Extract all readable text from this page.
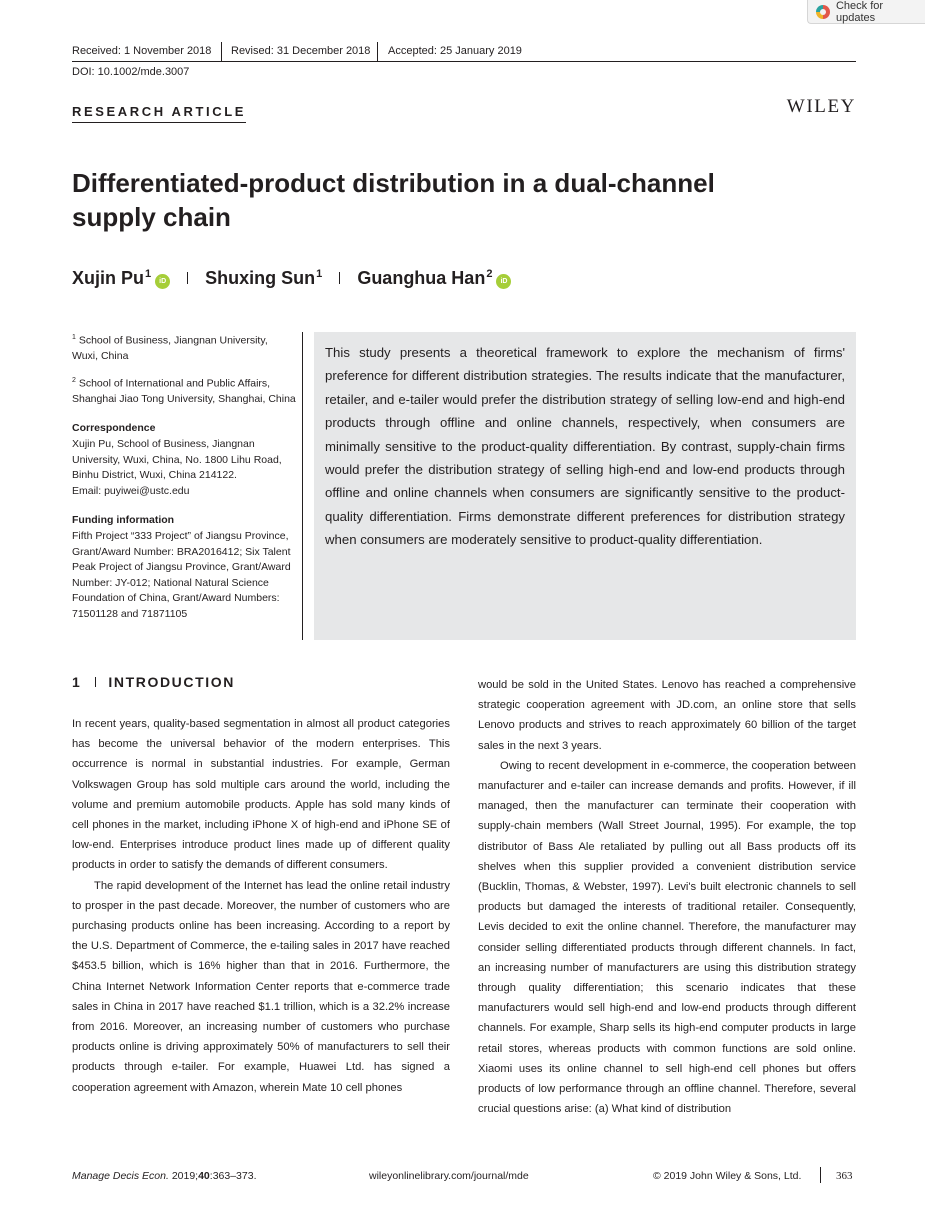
Check for updates
Received: 1 November 2018 Revised: 31 December 2018 Accepted: 25 January 2019
DOI: 10.1002/mde.3007
RESEARCH ARTICLE	WILEY
Differentiated-product distribution in a dual-channel supply chain
Xujin Pu$^1$iD Shuxing Sun$^1$ Guanghua Han$^2$iD

$^1$ School of Business, Jiangnan University, Wuxi, China

$^2$ School of International and Public Affairs, Shanghai Jiao Tong University, Shanghai, China

Correspondence

Xujin Pu, School of Business, Jiangnan University, Wuxi, China, No. 1800 Lihu Road, Binhu District, Wuxi, China 214122.

Email: puyiwei@ustc.edu

Funding information

Fifth Project “333 Project” of Jiangsu Province, Grant/Award Number: BRA2016412; Six Talent Peak Project of Jiangsu Province, Grant/Award Number: JY-012; National Natural Science Foundation of China, Grant/Award Numbers: 71501128 and 71871105

This study presents a theoretical framework to explore the mechanism of firms' preference for different distribution strategies. The results indicate that the manufacturer, retailer, and e-tailer would prefer the distribution strategy of selling low-end and high-end products through offline and online channels, respectively, when consumers are minimally sensitive to the product-quality differentiation. By contrast, supply-chain firms would prefer the distribution strategy of selling high-end and low-end products through offline and online channels when consumers are significantly sensitive to the product-quality differentiation. Firms demonstrate different preferences for distribution strategy when consumers are moderately sensitive to product-quality differentiation.

1 INTRODUCTION

In recent years, quality-based segmentation in almost all product categories has become the universal behavior of the modern enterprises. This occurrence is normal in substantial industries. For example, German Volkswagen Group has sold multiple cars around the world, including the volume and premium automobile products. Apple has sold many kinds of cell phones in the market, including iPhone X of high-end and iPhone SE of low-end. Enterprises introduce product lines made up of different quality products in order to satisfy the demands of different consumers.

The rapid development of the Internet has lead the online retail industry to prosper in the past decade. Moreover, the number of customers who are purchasing products online has been increasing. According to a report by the U.S. Department of Commerce, the e-tailing sales in 2017 have reached $453.5 billion, which is 16% higher than that in 2016. Furthermore, the China Internet Network Information Center reports that e-commerce trade sales in China in 2017 have reached $1.1 trillion, which is a 32.2% increase from 2016. Moreover, an increasing number of customers who purchase products online is driving approximately 50% of manufacturers to sell their products through e-tailer. For example, Huawei Ltd. has signed a cooperation agreement with Amazon, wherein Mate 10 cell phones

would be sold in the United States. Lenovo has reached a comprehensive strategic cooperation agreement with JD.com, an online store that sells Lenovo products and strives to reach approximately 60 billion of the target sales in the next 3 years.

Owing to recent development in e-commerce, the cooperation between manufacturer and e-tailer can increase demands and profits. However, if ill managed, then the manufacturer can terminate their cooperation with supply-chain members (Wall Street Journal, 1995). For example, the top distributor of Bass Ale retaliated by pulling out all Bass products off its shelves when this supplier provided a convenient distribution service (Bucklin, Thomas, & Webster, 1997). Levi's built electronic channels to sell products but damaged the interests of traditional retailer. Consequently, Levis decided to exit the online channel. Therefore, the manufacturer may consider selling differentiated products through different channels. In fact, an increasing number of manufacturers are using this distribution strategy through quality differentiation; this scenario indicates that these manufacturers would sell high-end and low-end products through different channels. For example, Sharp sells its high-end computer products in large retail stores, whereas products with common functions are sold online. Xiaomi uses its online channel to sell high-end cell phones but offers products of low performance through an offline channel. Therefore, several crucial questions arise: (a) What kind of distribution

Manage Decis Econ. 2019;40:363–373.	wileyonlinelibrary.com/journal/mde	© 2019 John Wiley & Sons, Ltd.	363
